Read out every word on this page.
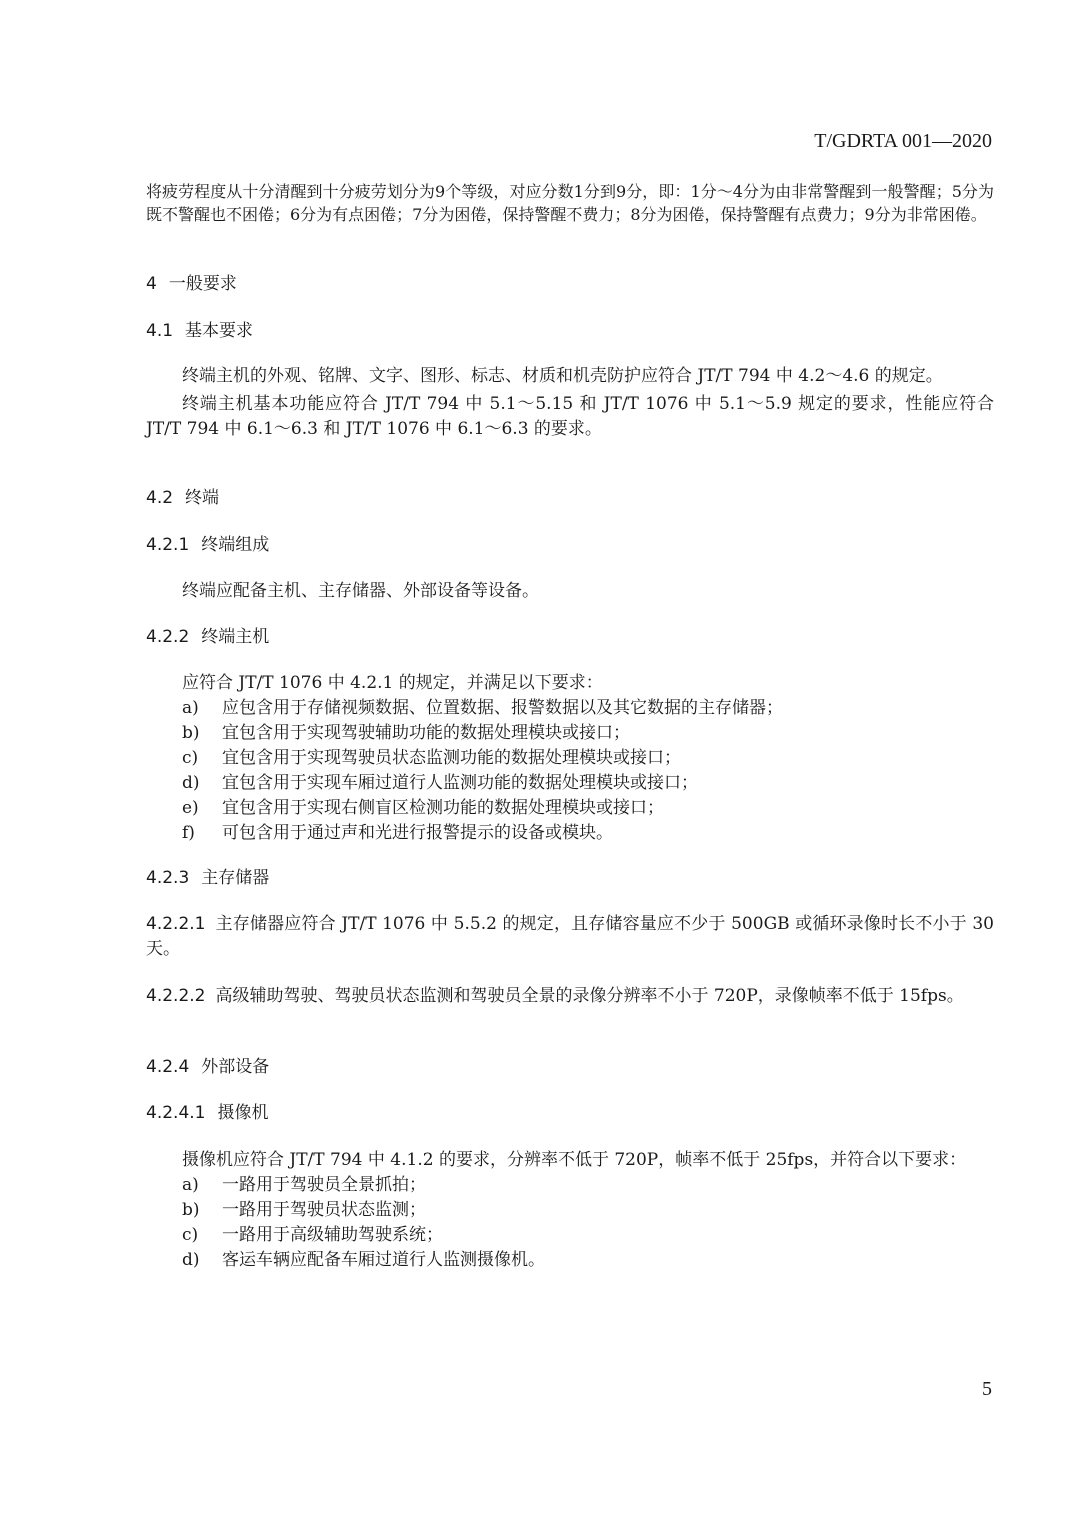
T/GDRTA 001—2020

将疲劳程度从十分清醒到十分疲劳划分为9个等级，对应分数1分到9分，即：1分～4分为由非常警醒到一般警醒；5分为既不警醒也不困倦；6分为有点困倦；7分为困倦，保持警醒不费力；8分为困倦，保持警醒有点费力；9分为非常困倦。

4 一般要求

4.1 基本要求

终端主机的外观、铭牌、文字、图形、标志、材质和机壳防护应符合 JT/T 794 中 4.2～4.6 的规定。

终端主机基本功能应符合 JT/T 794 中 5.1～5.15 和 JT/T 1076 中 5.1～5.9 规定的要求，性能应符合 JT/T 794 中 6.1～6.3 和 JT/T 1076 中 6.1～6.3 的要求。

4.2 终端

4.2.1 终端组成

终端应配备主机、主存储器、外部设备等设备。

4.2.2 终端主机

应符合 JT/T 1076 中 4.2.1 的规定，并满足以下要求：

a) 应包含用于存储视频数据、位置数据、报警数据以及其它数据的主存储器；

b) 宜包含用于实现驾驶辅助功能的数据处理模块或接口；

c) 宜包含用于实现驾驶员状态监测功能的数据处理模块或接口；

d) 宜包含用于实现车厢过道行人监测功能的数据处理模块或接口；

e) 宜包含用于实现右侧盲区检测功能的数据处理模块或接口；

f) 可包含用于通过声和光进行报警提示的设备或模块。

4.2.3 主存储器

4.2.2.1 主存储器应符合 JT/T 1076 中 5.5.2 的规定，且存储容量应不少于 500GB 或循环录像时长不小于 30 天。

4.2.2.2 高级辅助驾驶、驾驶员状态监测和驾驶员全景的录像分辨率不小于 720P，录像帧率不低于 15fps。

4.2.4 外部设备

4.2.4.1 摄像机

摄像机应符合 JT/T 794 中 4.1.2 的要求，分辨率不低于 720P，帧率不低于 25fps，并符合以下要求：

a) 一路用于驾驶员全景抓拍；

b) 一路用于驾驶员状态监测；

c) 一路用于高级辅助驾驶系统；

d) 客运车辆应配备车厢过道行人监测摄像机。

5
